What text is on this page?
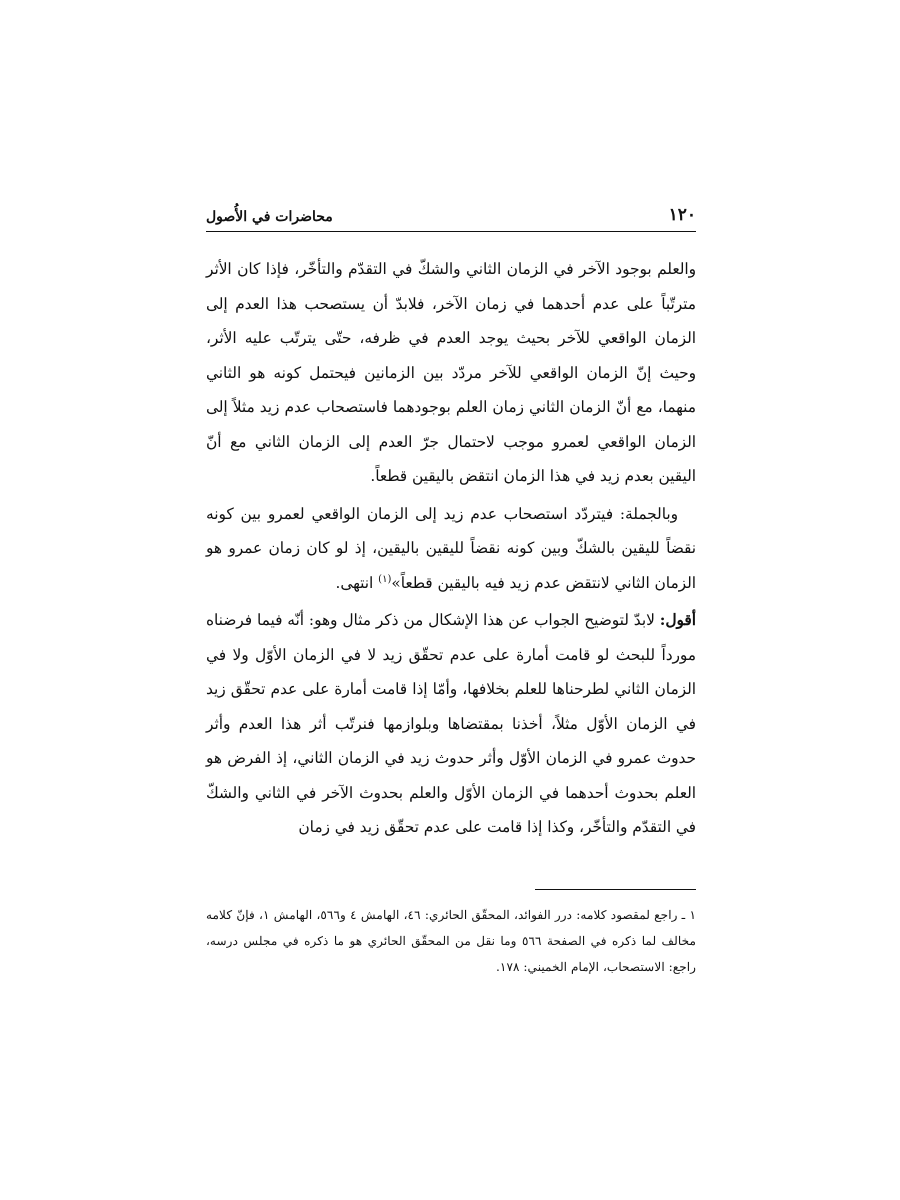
١٢٠
محاضرات في الأُصول

والعلم بوجود الآخر في الزمان الثاني والشكّ في التقدّم والتأخّر، فإذا كان الأثر مترتّباً على عدم أحدهما في زمان الآخر، فلابدّ أن يستصحب هذا العدم إلى الزمان الواقعي للآخر بحيث يوجد العدم في ظرفه، حتّى يترتّب عليه الأثر، وحيث إنّ الزمان الواقعي للآخر مردّد بين الزمانين فيحتمل كونه هو الثاني منهما، مع أنّ الزمان الثاني زمان العلم بوجودهما فاستصحاب عدم زيد مثلاً إلى الزمان الواقعي لعمرو موجب لاحتمال جرّ العدم إلى الزمان الثاني مع أنّ اليقين بعدم زيد في هذا الزمان انتقض باليقين قطعاً.

وبالجملة: فيتردّد استصحاب عدم زيد إلى الزمان الواقعي لعمرو بين كونه نقضاً لليقين بالشكّ وبين كونه نقضاً لليقين باليقين، إذ لو كان زمان عمرو هو الزمان الثاني لانتقض عدم زيد فيه باليقين قطعاً»$^{(١)}$ انتهى.

أقول: لابدّ لتوضيح الجواب عن هذا الإشكال من ذكر مثال وهو: أنّه فيما فرضناه مورداً للبحث لو قامت أمارة على عدم تحقّق زيد لا في الزمان الأوّل ولا في الزمان الثاني لطرحناها للعلم بخلافها، وأمّا إذا قامت أمارة على عدم تحقّق زيد في الزمان الأوّل مثلاً، أخذنا بمقتضاها وبلوازمها فنرتّب أثر هذا العدم وأثر حدوث عمرو في الزمان الأوّل وأثر حدوث زيد في الزمان الثاني، إذ الفرض هو العلم بحدوث أحدهما في الزمان الأوّل والعلم بحدوث الآخر في الثاني والشكّ في التقدّم والتأخّر، وكذا إذا قامت على عدم تحقّق زيد في زمان

١ ـ راجع لمقصود كلامه: درر الفوائد، المحقّق الحائري: ٤٦، الهامش ٤ و٥٦٦، الهامش ١، فإنّ كلامه مخالف لما ذكره في الصفحة ٥٦٦ وما نقل من المحقّق الحائري هو ما ذكره في مجلس درسه، راجع: الاستصحاب، الإمام الخميني: ١٧٨.
